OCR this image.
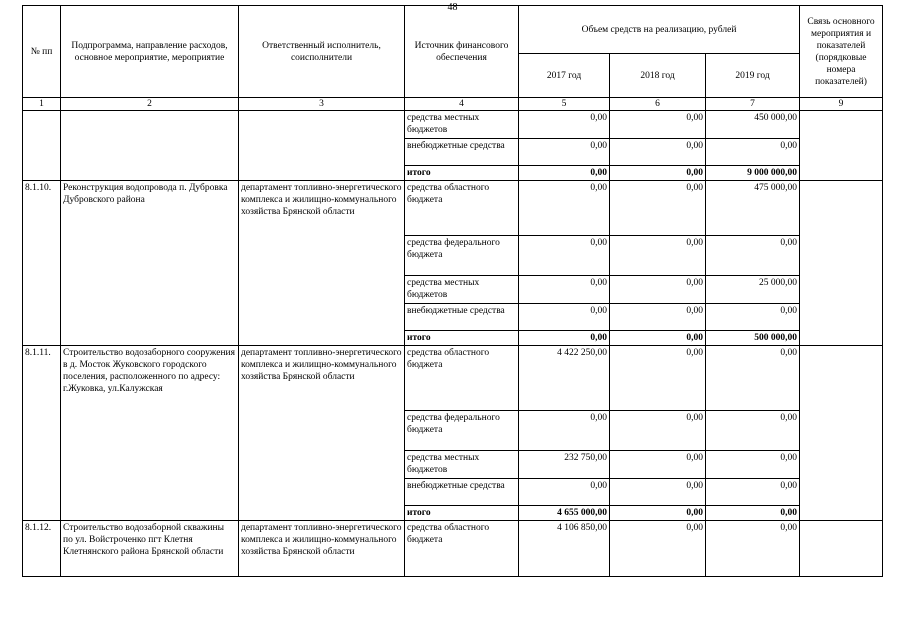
48
№ пп	Подпрограмма, направление расходов, основное мероприятие, мероприятие	Ответственный исполнитель, соисполнители	Источник финансового обеспечения	Объем средств на реализацию, рублей			Связь основного мероприятия и показателей (порядковые номера показателей)
				2017 год	2018 год	2019 год	
1	2	3	4	5	6	7	9
			средства местных бюджетов	0,00	0,00	450 000,00	
			внебюджетные средства	0,00	0,00	0,00	
			итого	0,00	0,00	9 000 000,00	
8.1.10.	Реконструкция водопровода п. Дубровка Дубровского района	департамент топливно-энергетического комплекса и жилищно-коммунального хозяйства Брянской области	средства областного бюджета	0,00	0,00	475 000,00	
			средства федерального бюджета	0,00	0,00	0,00	
			средства местных бюджетов	0,00	0,00	25 000,00	
			внебюджетные средства	0,00	0,00	0,00	
			итого	0,00	0,00	500 000,00	
8.1.11.	Строительство водозаборного сооружения в д. Мосток Жуковского городского поселения, расположенного по адресу: г.Жуковка, ул.Калужская	департамент топливно-энергетического комплекса и жилищно-коммунального хозяйства Брянской области	средства областного бюджета	4 422 250,00	0,00	0,00	
			средства федерального бюджета	0,00	0,00	0,00	
			средства местных бюджетов	232 750,00	0,00	0,00	
			внебюджетные средства	0,00	0,00	0,00	
			итого	4 655 000,00	0,00	0,00	
8.1.12.	Строительство водозаборной скважины по ул. Войстроченко пгт Клетня Клетнянского района Брянской области	департамент топливно-энергетического комплекса и жилищно-коммунального хозяйства Брянской области	средства областного бюджета	4 106 850,00	0,00	0,00	
